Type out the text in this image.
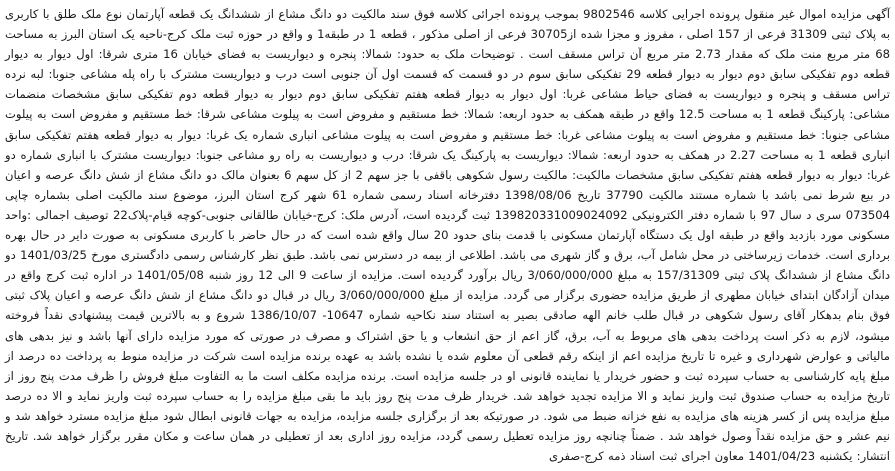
آگهی مزایده اموال غیر منقول پرونده اجرایی کلاسه 9802546 بموجب پرونده اجرائی کلاسه فوق سند مالکیت دو دانگ مشاع از ششدانگ یک قطعه آپارتمان نوع ملک طلق با کاربری به پلاک ثبتی 31309 فرعی از 157 اصلی ، مفروز و مجزا شده از30705 فرعی از اصلی مذکور ، قطعه 1 در طبقه1 و واقع در حوزه ثبت ملک کرج-ناحیه یک استان البرز به مساحت 68 متر مربع منت ملک که مقدار 2.73 متر مربع آن تراس مسقف است . توضیحات ملک به حدود: شمالا: پنجره و دیواریست به فضای خیابان 16 متری شرقا: اول دیوار به دیوار قطعه دوم تفکیکی سابق دوم دیوار به دیوار قطعه 29 تفکیکی سابق سوم در دو قسمت که قسمت اول آن جنوبی است درب و دیواریست مشترک با راه پله مشاعی جنوبا: لبه نرده تراس مسقف و پنجره و دیواریست به فضای حیاط مشاعی غربا: اول دیوار به دیوار قطعه هفتم تفکیکی سابق دوم دیوار به دیوار قطعه دوم تفکیکی سابق مشخصات منضمات مشاعی: پارکینگ قطعه 1 به مساحت 12.5 واقع در طبقه همکف به حدود اربعه: شمالا: خط مستقیم و مفروض است به پیلوت مشاعی شرقا: خط مستقیم و مفروض است به پیلوت مشاعی جنوبا: خط مستقیم و مفروض است به پیلوت مشاعی غربا: خط مستقیم و مفروض است به پیلوت مشاعی انباری شماره یک غربا: دیوار به دیوار قطعه هفتم تفکیکی سابق انباری قطعه 1 به مساحت 2.27 در همکف به حدود اربعه: شمالا: دیواریست به پارکینگ یک شرقا: درب و دیواریست به راه رو مشاعی جنوبا: دیواریست مشترک با انباری شماره دو غربا: دیوار به دیوار قطعه هفتم تفکیکی سابق مشخصات مالکیت: مالکیت رسول شکوهی باقفی با جز سهم 2 از کل سهم 6 بعنوان مالک دو دانگ مشاع از شش دانگ عرصه و اعیان در بیع شرط نمی باشد با شماره مستند مالکیت 37790 تاریخ 1398/08/06 دفترخانه اسناد رسمی شماره 61 شهر کرج استان البرز، موضوع سند مالکیت اصلی بشماره چاپی 073504 سری د سال 97 با شماره دفتر الکترونیکی 139820331009024092 ثبت گردیده است، آدرس ملک: کرج-خیابان طالقانی جنوبی-کوچه قیام-پلاک22 توصیف اجمالی :واحد مسکونی مورد بازدید واقع در طبقه اول یک دستگاه آپارتمان مسکونی با قدمت بنای حدود 20 سال واقع شده است که در حال حاضر با کاربری مسکونی به صورت دایر در حال بهره برداری است. خدمات زیرساختی در محل شامل آب، برق و گاز شهری می باشد. اطلاعی از بیمه در دسترس نمی باشد. طبق نظر کارشناس رسمی دادگستری مورخ 1401/03/25 دو دانگ مشاع از ششدانگ پلاک ثبتی 157/31309 به مبلغ 3/060/000/000 ریال برآورد گردیده است. مزایده از ساعت 9 الی 12 روز شنبه 1401/05/08 در اداره ثبت کرج واقع در میدان آزادگان ابتدای خیابان مطهری از طریق مزایده حضوری برگزار می گردد. مزایده از مبلغ 3/060/000/000 ریال در قبال دو دانگ مشاع از شش دانگ عرصه و اعیان پلاک ثبتی فوق بنام بدهکار آقای رسول شکوهی در قبال طلب خانم الهه صادقی بصیر به استناد سند نکاحیه شماره 10647- 1386/10/07 شروع و به بالاترین قیمت پیشنهادی نقداً فروخته میشود، لازم به ذکر است پرداخت بدهی های مربوط به آب، برق، گاز اعم از حق انشعاب و یا حق اشتراک و مصرف در صورتی که مورد مزایده دارای آنها باشد و نیز بدهی های مالیاتی و عوارض شهرداری و غیره تا تاریخ مزایده اعم از اینکه رقم قطعی آن معلوم شده یا نشده باشد به عهده برنده مزایده است شرکت در مزایده منوط به پرداخت ده درصد از مبلغ پایه کارشناسی به حساب سپرده ثبت و حضور خریدار یا نماینده قانونی او در جلسه مزایده است. برنده مزایده مکلف است ما به التفاوت مبلغ فروش را ظرف مدت پنج روز از تاریخ مزایده به حساب صندوق ثبت واریز نماید و الا مزایده تجدید خواهد شد. خریدار ظرف مدت پنج روز باید ما بقی مبلغ مزایده را به حساب سپرده ثبت واریز نماید و الا ده درصد مبلغ مزایده پس از کسر هزینه های مزایده به نفع خزانه ضبط می شود. در صورتیکه بعد از برگزاری جلسه مزایده، مزایده به جهات قانونی ابطال شود مبلغ مزایده مسترد خواهد شد و نیم عشر و حق مزایده نقداً وصول خواهد شد . ضمناً چنانچه روز مزایده تعطیل رسمی گردد، مزایده روز اداری بعد از تعطیلی در همان ساعت و مکان مقرر برگزار خواهد شد. تاریخ انتشار: یکشنبه 1401/04/23 معاون اجرای ثبت اسناد ذمه کرج-صفری
